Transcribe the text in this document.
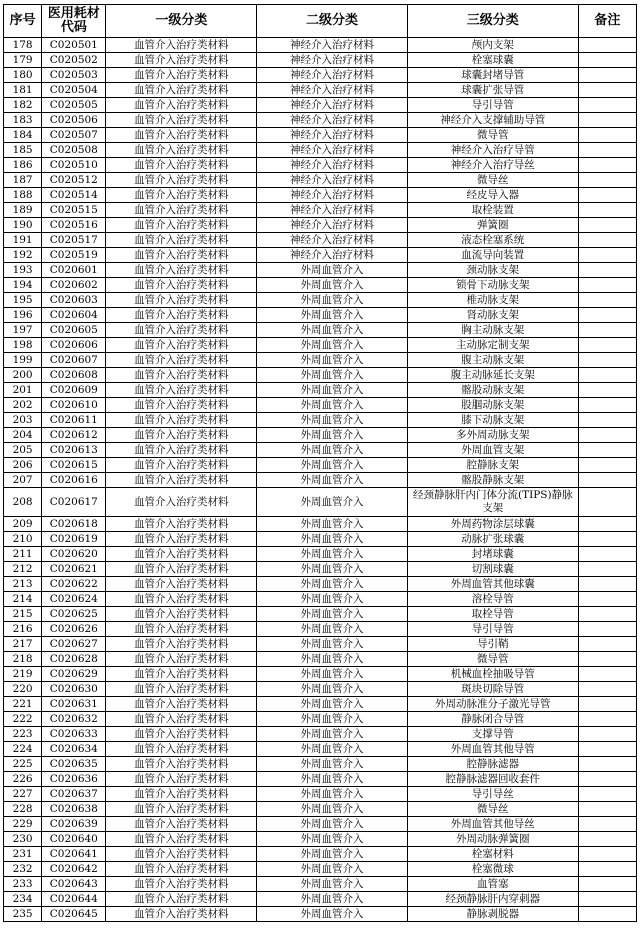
序号	医用耗材代码	一级分类	二级分类	三级分类	备注
178	C020501	血管介入治疗类材料	神经介入治疗材料	颅内支架	
179	C020502	血管介入治疗类材料	神经介入治疗材料	栓塞球囊	
180	C020503	血管介入治疗类材料	神经介入治疗材料	球囊封堵导管	
181	C020504	血管介入治疗类材料	神经介入治疗材料	球囊扩张导管	
182	C020505	血管介入治疗类材料	神经介入治疗材料	导引导管	
183	C020506	血管介入治疗类材料	神经介入治疗材料	神经介入支撑辅助导管	
184	C020507	血管介入治疗类材料	神经介入治疗材料	微导管	
185	C020508	血管介入治疗类材料	神经介入治疗材料	神经介入治疗导管	
186	C020510	血管介入治疗类材料	神经介入治疗材料	神经介入治疗导丝	
187	C020512	血管介入治疗类材料	神经介入治疗材料	微导丝	
188	C020514	血管介入治疗类材料	神经介入治疗材料	经皮导入器	
189	C020515	血管介入治疗类材料	神经介入治疗材料	取栓装置	
190	C020516	血管介入治疗类材料	神经介入治疗材料	弹簧圈	
191	C020517	血管介入治疗类材料	神经介入治疗材料	液态栓塞系统	
192	C020519	血管介入治疗类材料	神经介入治疗材料	血流导向装置	
193	C020601	血管介入治疗类材料	外周血管介入	颈动脉支架	
194	C020602	血管介入治疗类材料	外周血管介入	锁骨下动脉支架	
195	C020603	血管介入治疗类材料	外周血管介入	椎动脉支架	
196	C020604	血管介入治疗类材料	外周血管介入	肾动脉支架	
197	C020605	血管介入治疗类材料	外周血管介入	胸主动脉支架	
198	C020606	血管介入治疗类材料	外周血管介入	主动脉定制支架	
199	C020607	血管介入治疗类材料	外周血管介入	腹主动脉支架	
200	C020608	血管介入治疗类材料	外周血管介入	腹主动脉延长支架	
201	C020609	血管介入治疗类材料	外周血管介入	髂股动脉支架	
202	C020610	血管介入治疗类材料	外周血管介入	股腘动脉支架	
203	C020611	血管介入治疗类材料	外周血管介入	膝下动脉支架	
204	C020612	血管介入治疗类材料	外周血管介入	多外周动脉支架	
205	C020613	血管介入治疗类材料	外周血管介入	外周血管支架	
206	C020615	血管介入治疗类材料	外周血管介入	腔静脉支架	
207	C020616	血管介入治疗类材料	外周血管介入	髂股静脉支架	
208	C020617	血管介入治疗类材料	外周血管介入	经颈静脉肝内门体分流(TIPS)静脉支架	
209	C020618	血管介入治疗类材料	外周血管介入	外周药物涂层球囊	
210	C020619	血管介入治疗类材料	外周血管介入	动脉扩张球囊	
211	C020620	血管介入治疗类材料	外周血管介入	封堵球囊	
212	C020621	血管介入治疗类材料	外周血管介入	切割球囊	
213	C020622	血管介入治疗类材料	外周血管介入	外周血管其他球囊	
214	C020624	血管介入治疗类材料	外周血管介入	溶栓导管	
215	C020625	血管介入治疗类材料	外周血管介入	取栓导管	
216	C020626	血管介入治疗类材料	外周血管介入	导引导管	
217	C020627	血管介入治疗类材料	外周血管介入	导引鞘	
218	C020628	血管介入治疗类材料	外周血管介入	微导管	
219	C020629	血管介入治疗类材料	外周血管介入	机械血栓抽吸导管	
220	C020630	血管介入治疗类材料	外周血管介入	斑块切除导管	
221	C020631	血管介入治疗类材料	外周血管介入	外周动脉准分子激光导管	
222	C020632	血管介入治疗类材料	外周血管介入	静脉闭合导管	
223	C020633	血管介入治疗类材料	外周血管介入	支撑导管	
224	C020634	血管介入治疗类材料	外周血管介入	外周血管其他导管	
225	C020635	血管介入治疗类材料	外周血管介入	腔静脉滤器	
226	C020636	血管介入治疗类材料	外周血管介入	腔静脉滤器回收套件	
227	C020637	血管介入治疗类材料	外周血管介入	导引导丝	
228	C020638	血管介入治疗类材料	外周血管介入	微导丝	
229	C020639	血管介入治疗类材料	外周血管介入	外周血管其他导丝	
230	C020640	血管介入治疗类材料	外周血管介入	外周动脉弹簧圈	
231	C020641	血管介入治疗类材料	外周血管介入	栓塞材料	
232	C020642	血管介入治疗类材料	外周血管介入	栓塞微球	
233	C020643	血管介入治疗类材料	外周血管介入	血管塞	
234	C020644	血管介入治疗类材料	外周血管介入	经颈静脉肝内穿刺器	
235	C020645	血管介入治疗类材料	外周血管介入	静脉剥脱器	
